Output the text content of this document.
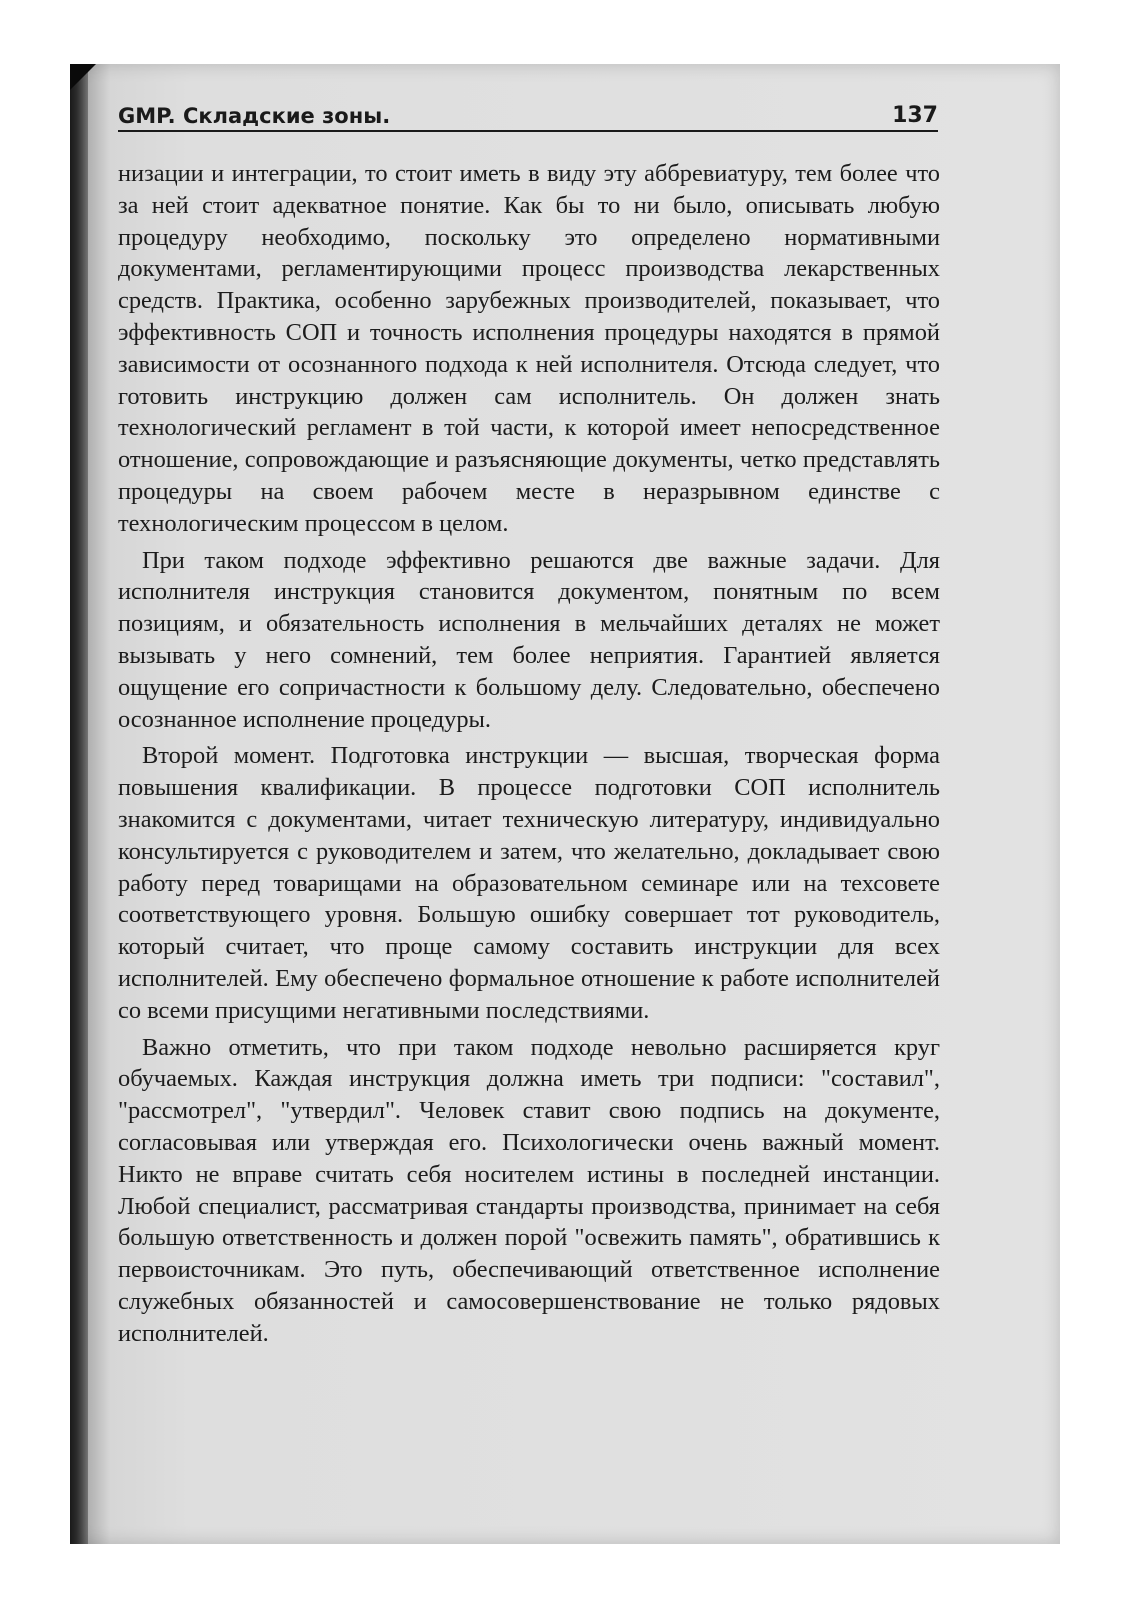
GMP. Складские зоны.	137

низации и интеграции, то стоит иметь в виду эту аббревиатуру, тем более что за ней стоит адекватное понятие. Как бы то ни было, описывать любую процедуру необходимо, поскольку это определено нормативными документами, регламентирующими процесс производства лекарственных средств. Практика, особенно зарубежных производителей, показывает, что эффективность СОП и точность исполнения процедуры находятся в прямой зависимости от осознанного подхода к ней исполнителя. Отсюда следует, что готовить инструкцию должен сам исполнитель. Он должен знать технологический регламент в той части, к которой имеет непосредственное отношение, сопровождающие и разъясняющие документы, четко представлять процедуры на своем рабочем месте в неразрывном единстве с технологическим процессом в целом.

При таком подходе эффективно решаются две важные задачи. Для исполнителя инструкция становится документом, понятным по всем позициям, и обязательность исполнения в мельчайших деталях не может вызывать у него сомнений, тем более неприятия. Гарантией является ощущение его сопричастности к большому делу. Следовательно, обеспечено осознанное исполнение процедуры.

Второй момент. Подготовка инструкции — высшая, творческая форма повышения квалификации. В процессе подготовки СОП исполнитель знакомится с документами, читает техническую литературу, индивидуально консультируется с руководителем и затем, что желательно, докладывает свою работу перед товарищами на образовательном семинаре или на техсовете соответствующего уровня. Большую ошибку совершает тот руководитель, который считает, что проще самому составить инструкции для всех исполнителей. Ему обеспечено формальное отношение к работе исполнителей со всеми присущими негативными последствиями.

Важно отметить, что при таком подходе невольно расширяется круг обучаемых. Каждая инструкция должна иметь три подписи: "составил", "рассмотрел", "утвердил". Человек ставит свою подпись на документе, согласовывая или утверждая его. Психологически очень важный момент. Никто не вправе считать себя носителем истины в последней инстанции. Любой специалист, рассматривая стандарты производства, принимает на себя большую ответственность и должен порой "освежить память", обратившись к первоисточникам. Это путь, обеспечивающий ответственное исполнение служебных обязанностей и самосовершенствование не только рядовых исполнителей.
